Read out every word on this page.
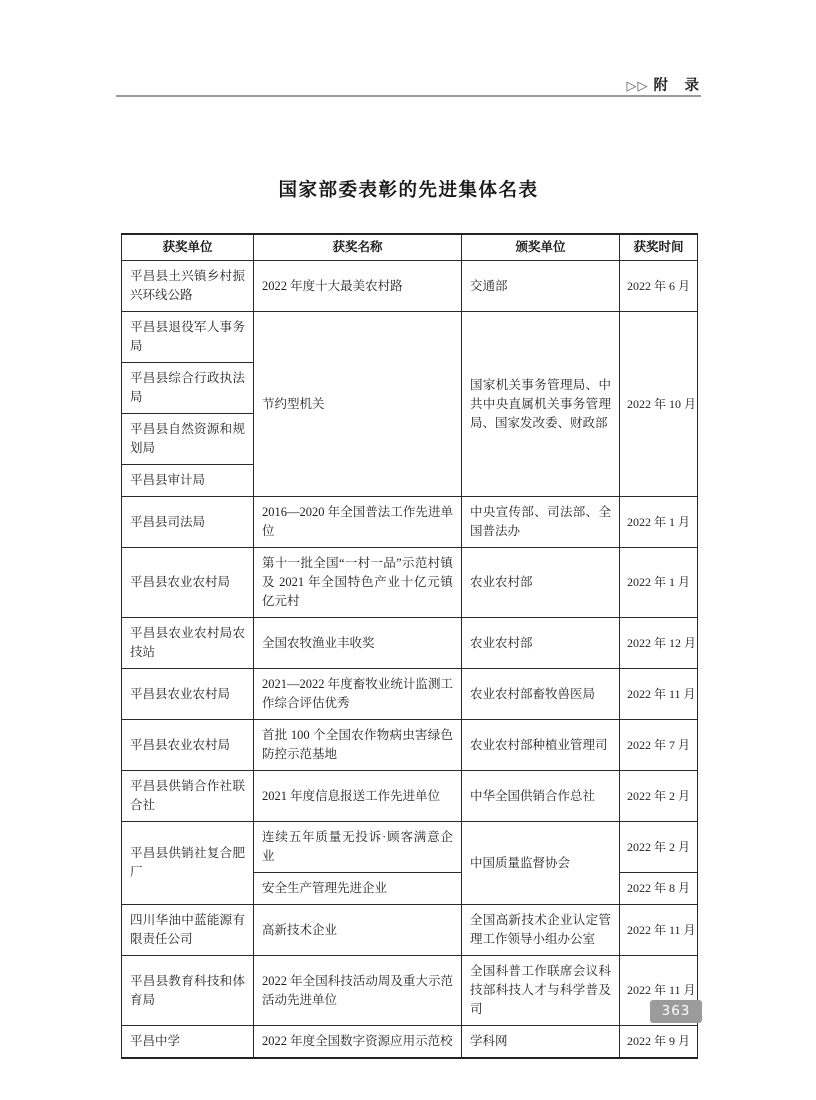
▷▷ 附　录
国家部委表彰的先进集体名表
获奖单位	获奖名称	颁奖单位	获奖时间
平昌县土兴镇乡村振兴环线公路	2022 年度十大最美农村路	交通部	2022 年 6 月
平昌县退役军人事务局	节约型机关	国家机关事务管理局、中共中央直属机关事务管理局、国家发改委、财政部	2022 年 10 月
平昌县综合行政执法局			
平昌县自然资源和规划局			
平昌县审计局			
平昌县司法局	2016—2020 年全国普法工作先进单位	中央宣传部、司法部、全国普法办	2022 年 1 月
平昌县农业农村局	第十一批全国“一村一品”示范村镇及 2021 年全国特色产业十亿元镇亿元村	农业农村部	2022 年 1 月
平昌县农业农村局农技站	全国农牧渔业丰收奖	农业农村部	2022 年 12 月
平昌县农业农村局	2021—2022 年度畜牧业统计监测工作综合评估优秀	农业农村部畜牧兽医局	2022 年 11 月
平昌县农业农村局	首批 100 个全国农作物病虫害绿色防控示范基地	农业农村部种植业管理司	2022 年 7 月
平昌县供销合作社联合社	2021 年度信息报送工作先进单位	中华全国供销合作总社	2022 年 2 月
平昌县供销社复合肥厂	连续五年质量无投诉·顾客满意企业	中国质量监督协会	2022 年 2 月
	安全生产管理先进企业		2022 年 8 月
四川华油中蓝能源有限责任公司	高新技术企业	全国高新技术企业认定管理工作领导小组办公室	2022 年 11 月
平昌县教育科技和体育局	2022 年全国科技活动周及重大示范活动先进单位	全国科普工作联席会议科技部科技人才与科学普及司	2022 年 11 月
平昌中学	2022 年度全国数字资源应用示范校	学科网	2022 年 9 月
363
